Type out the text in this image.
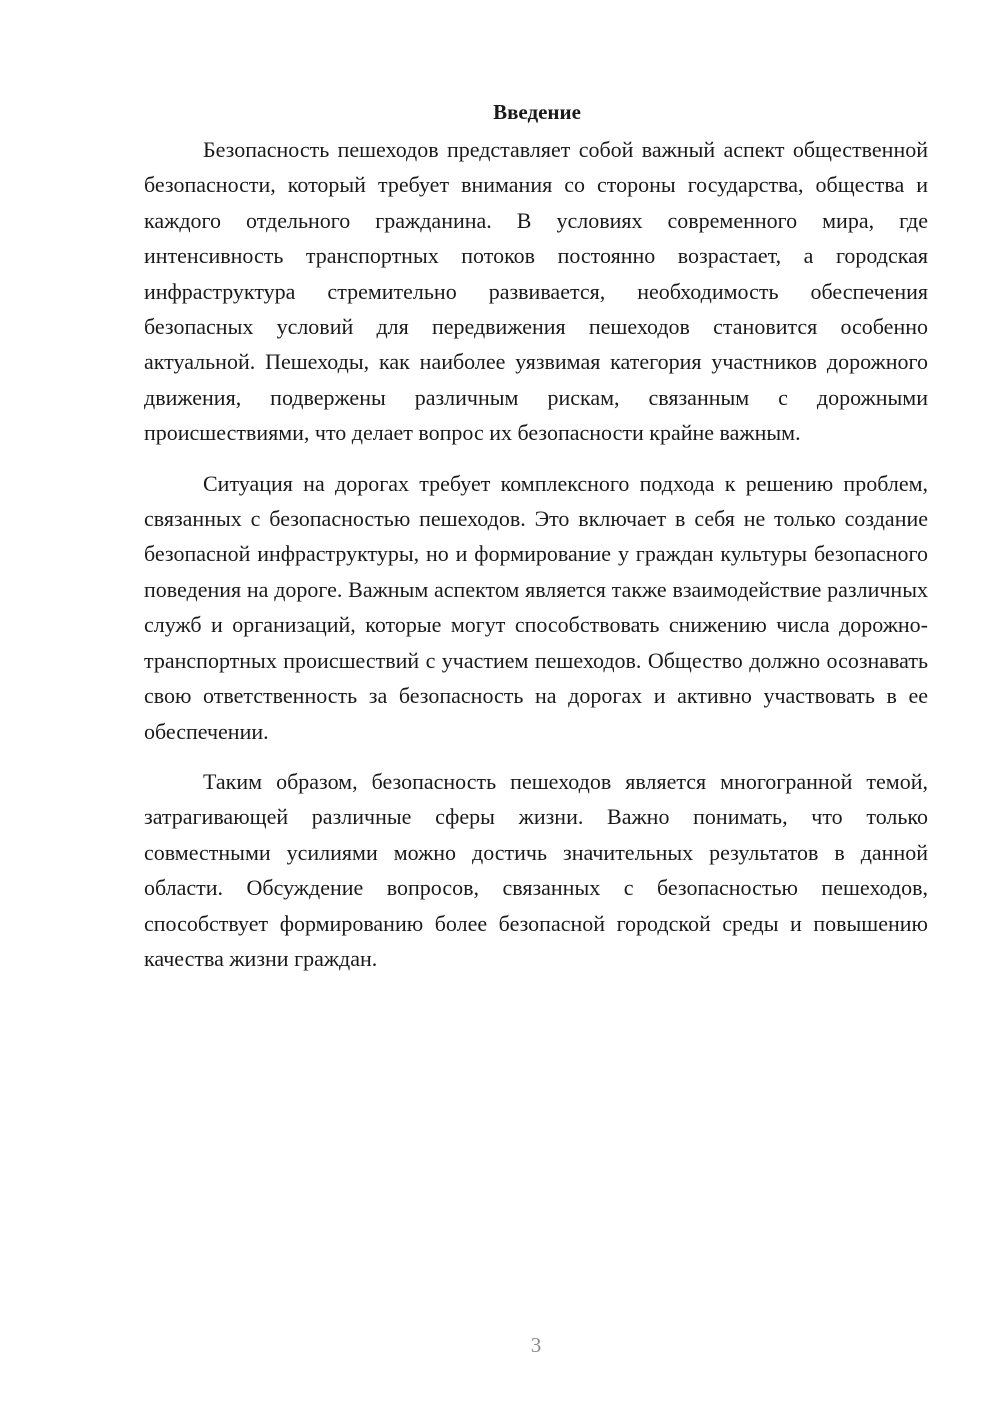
Введение

Безопасность пешеходов представляет собой важный аспект общественной безопасности, который требует внимания со стороны государства, общества и каждого отдельного гражданина. В условиях современного мира, где интенсивность транспортных потоков постоянно возрастает, а городская инфраструктура стремительно развивается, необходимость обеспечения безопасных условий для передвижения пешеходов становится особенно актуальной. Пешеходы, как наиболее уязвимая категория участников дорожного движения, подвержены различным рискам, связанным с дорожными происшествиями, что делает вопрос их безопасности крайне важным.

Ситуация на дорогах требует комплексного подхода к решению проблем, связанных с безопасностью пешеходов. Это включает в себя не только создание безопасной инфраструктуры, но и формирование у граждан культуры безопасного поведения на дороге. Важным аспектом является также взаимодействие различных служб и организаций, которые могут способствовать снижению числа дорожно-транспортных происшествий с участием пешеходов. Общество должно осознавать свою ответственность за безопасность на дорогах и активно участвовать в ее обеспечении.

Таким образом, безопасность пешеходов является многогранной темой, затрагивающей различные сферы жизни. Важно понимать, что только совместными усилиями можно достичь значительных результатов в данной области. Обсуждение вопросов, связанных с безопасностью пешеходов, способствует формированию более безопасной городской среды и повышению качества жизни граждан.

3
